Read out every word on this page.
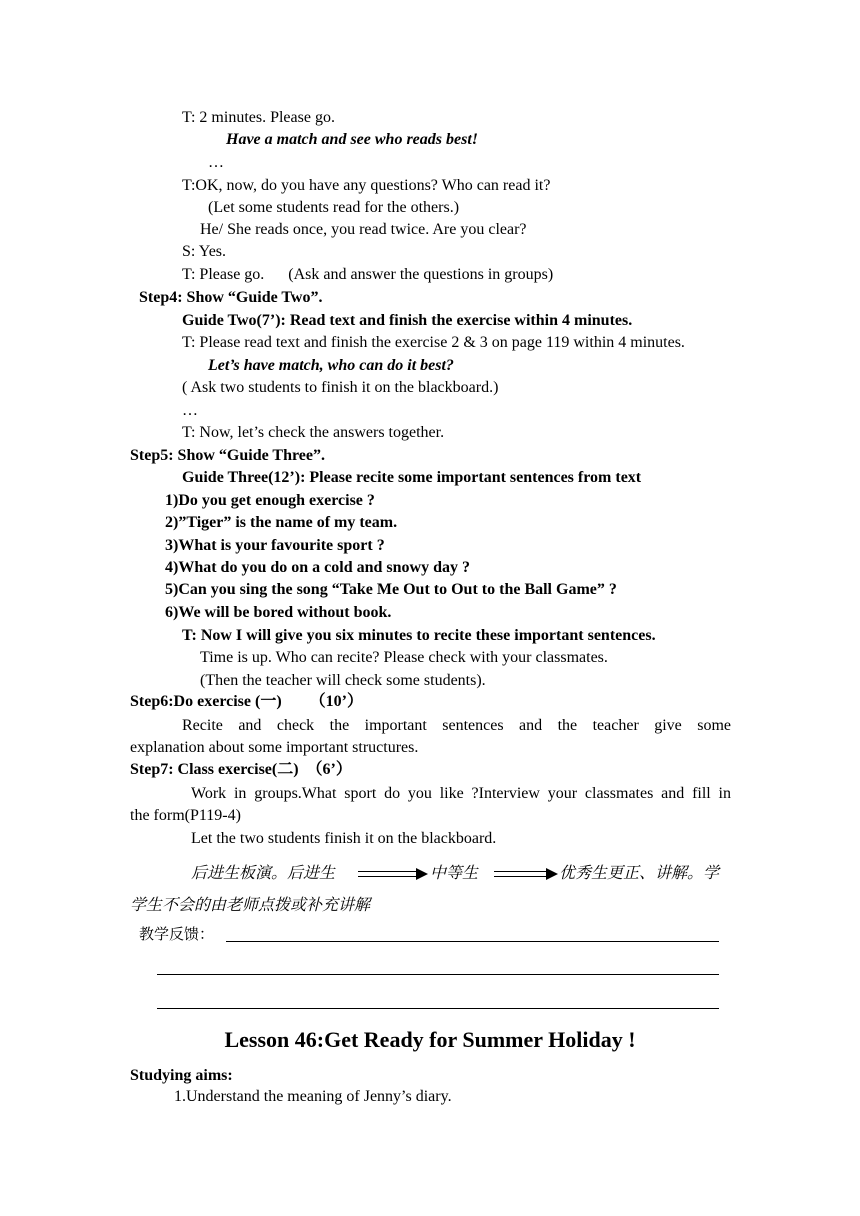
T: 2 minutes. Please go.
Have a match and see who reads best!
…
T:OK, now, do you have any questions? Who can read it?
(Let some students read for the others.)
He/ She reads once, you read twice. Are you clear?
S: Yes.
T: Please go.      (Ask and answer the questions in groups)
Step4: Show “Guide Two”.
Guide Two(7’): Read text and finish the exercise within 4 minutes.
T: Please read text and finish the exercise 2 & 3 on page 119 within 4 minutes.
Let’s have match, who can do it best?
( Ask two students to finish it on the blackboard.)
…
T: Now, let’s check the answers together.
Step5: Show “Guide Three”.
Guide Three(12’): Please recite some important sentences from text
1)Do you get enough exercise ?
2)”Tiger” is the name of my team.
3)What is your favourite sport ?
4)What do you do on a cold and snowy day ?
5)Can you sing the song “Take Me Out to Out to the Ball Game” ?
6)We will be bored without book.
T: Now I will give you six minutes to recite these important sentences.
Time is up. Who can recite? Please check with your classmates.
(Then the teacher will check some students).
Step6:Do exercise (一)       （10’）
Recite and check the important sentences and the teacher give some
explanation about some important structures.
Step7: Class exercise(二)  （6’）
Work in groups.What sport do you like ?Interview your classmates and fill in
the form(P119-4)
Let the two students finish it on the blackboard.
后进生板演。后进生	中等生	优秀生更正、讲解。学
学生不会的由老师点拨或补充讲解
教学反馈：
Lesson 46:Get Ready for Summer Holiday !
Studying aims:
1.Understand the meaning of Jenny’s diary.
